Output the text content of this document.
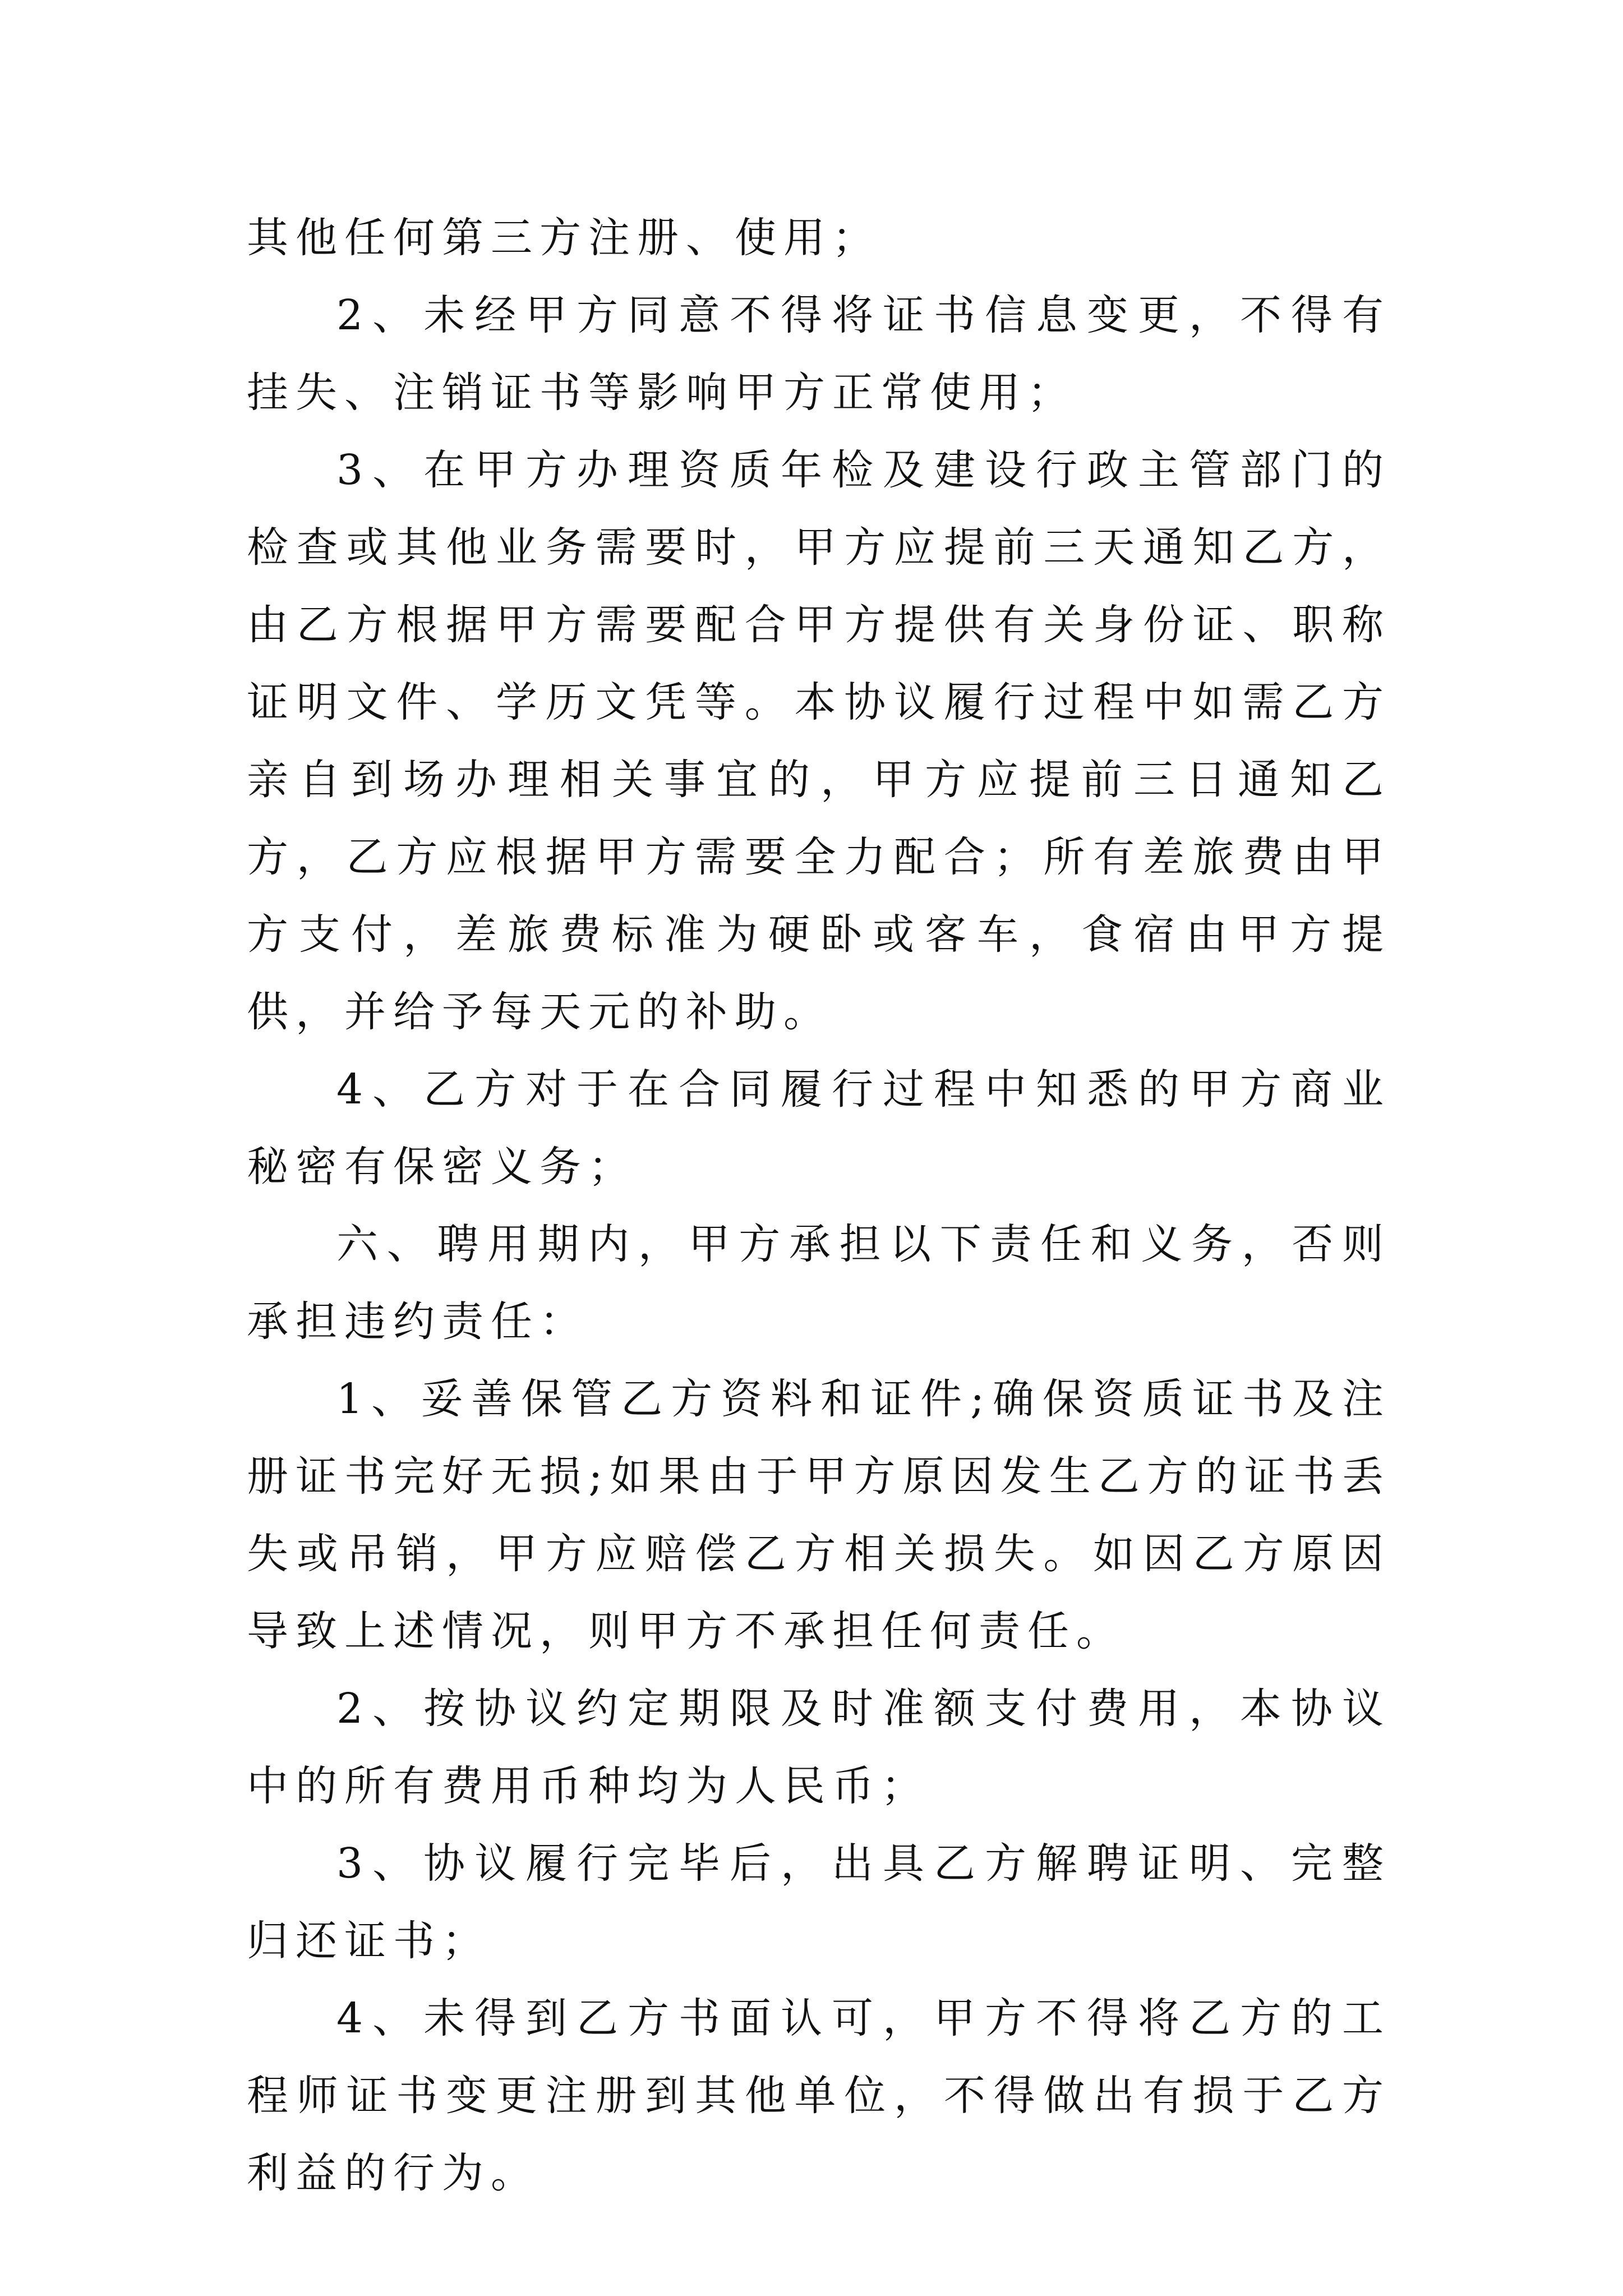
其他任何第三方注册、使用；

2、未经甲方同意不得将证书信息变更，不得有挂失、注销证书等影响甲方正常使用；

3、在甲方办理资质年检及建设行政主管部门的检查或其他业务需要时，甲方应提前三天通知乙方，由乙方根据甲方需要配合甲方提供有关身份证、职称证明文件、学历文凭等。本协议履行过程中如需乙方亲自到场办理相关事宜的，甲方应提前三日通知乙方，乙方应根据甲方需要全力配合；所有差旅费由甲方支付，差旅费标准为硬卧或客车，食宿由甲方提供，并给予每天元的补助。

4、乙方对于在合同履行过程中知悉的甲方商业秘密有保密义务；

六、聘用期内，甲方承担以下责任和义务，否则承担违约责任：

1、妥善保管乙方资料和证件;确保资质证书及注册证书完好无损;如果由于甲方原因发生乙方的证书丢失或吊销，甲方应赔偿乙方相关损失。如因乙方原因导致上述情况，则甲方不承担任何责任。

2、按协议约定期限及时准额支付费用，本协议中的所有费用币种均为人民币；

3、协议履行完毕后，出具乙方解聘证明、完整归还证书；

4、未得到乙方书面认可，甲方不得将乙方的工程师证书变更注册到其他单位，不得做出有损于乙方利益的行为。
